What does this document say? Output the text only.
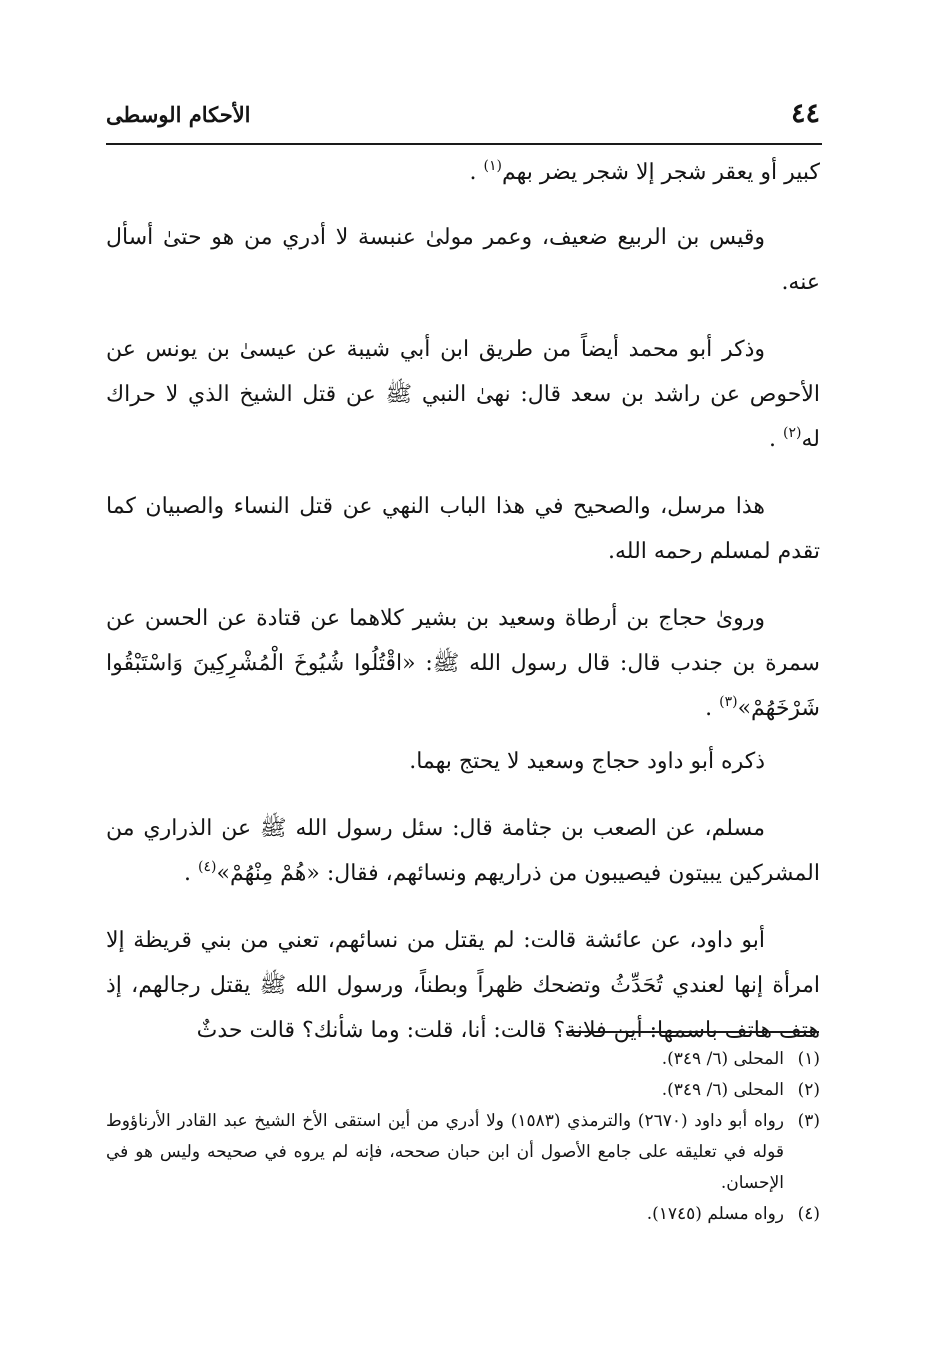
٤٤
الأحكام الوسطى

كبير أو يعقر شجر إلا شجر يضر بهم$^{(١)}$ .

وقيس بن الربيع ضعيف، وعمر مولىٰ عنبسة لا أدري من هو حتىٰ أسأل عنه.

وذكر أبو محمد أيضاً من طريق ابن أبي شيبة عن عيسىٰ بن يونس عن الأحوص عن راشد بن سعد قال: نهىٰ النبي ﷺ عن قتل الشيخ الذي لا حراك له$^{(٢)}$ .

هذا مرسل، والصحيح في هذا الباب النهي عن قتل النساء والصبيان كما تقدم لمسلم رحمه الله.

وروىٰ حجاج بن أرطاة وسعيد بن بشير كلاهما عن قتادة عن الحسن عن سمرة بن جندب قال: قال رسول الله ﷺ: «اقْتُلُوا شُيُوخَ الْمُشْرِكِينَ وَاسْتَبْقُوا شَرْخَهُمْ»$^{(٣)}$ .

ذكره أبو داود حجاج وسعيد لا يحتج بهما.

مسلم، عن الصعب بن جثامة قال: سئل رسول الله ﷺ عن الذراري من المشركين يبيتون فيصيبون من ذراريهم ونسائهم، فقال: «هُمْ مِنْهُمْ»$^{(٤)}$ .

أبو داود، عن عائشة قالت: لم يقتل من نسائهم، تعني من بني قريظة إلا امرأة إنها لعندي تُحَدِّثُ وتضحك ظهراً وبطناً، ورسول الله ﷺ يقتل رجالهم، إذ هتف هاتف باسمها: أين فلانة؟ قالت: أنا، قلت: وما شأنك؟ قالت حدثٌ

(١)
المحلى (٦/ ٣٤٩).
(٢)
المحلى (٦/ ٣٤٩).
(٣)
رواه أبو داود (٢٦٧٠) والترمذي (١٥٨٣) ولا أدري من أين استقى الأخ الشيخ عبد القادر الأرناؤوط قوله في تعليقه على جامع الأصول أن ابن حبان صححه، فإنه لم يروه في صحيحه وليس هو في الإحسان.
(٤)
رواه مسلم (١٧٤٥).
